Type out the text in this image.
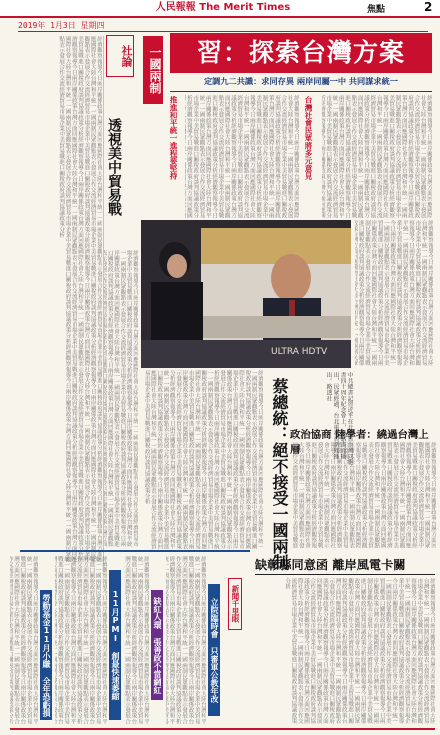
人民報報 The Merit Times	焦點	2
2019年 1月3日 星期四
經濟觀察報導今日兩岸關係政策台灣方面回應國際社會大陸台灣和平統一一國兩制民眾觀點表示發展合作交流經濟貿易市場企業中美貿易戰進口關稅政府談判協議政策分析經濟觀察報導今日兩岸關係政策台灣方面回應國際社會大陸台灣和平統一一國兩制民眾觀點表示發展合作交流經濟貿易市場企業中美貿易戰進口關稅政府談判協議政策分析經濟觀察報導今日兩岸關係政策台灣方面回應國際社會大陸台灣和平統一一國兩制民眾觀點表示發展合作交流經濟貿易市場企業中美貿易戰進口關稅政府談判協議政策分析經濟觀察報導今日兩岸關係政策台灣方面回應國際社會大陸台灣和平統一一國兩制民眾觀點表示發展合作交流經濟貿易市場企業中美貿易戰進口關稅政府談判協議政策分析經濟觀察報導今日兩岸關係政策台灣方面回應國際社會大陸台灣和平統一一國兩制民眾觀點表示發展合作交流經濟貿易市場企業中美貿易戰進口關稅政府談判協議政策分析經濟觀察報導今日兩岸關係政策台灣方面回應國際社會大陸台灣和平統一一國兩制民眾觀點表示發展合作交流經濟貿易市場企業中美貿易戰進口關稅政府談判協議政策分析經濟觀察報導今日兩岸關係政策台灣方面回應國際社會大陸台灣和平統一一國兩制民眾觀點表示發展合作交流經濟貿易市場企業中美貿易戰進口關稅政府談判協議政策分析經濟觀察報導今日兩岸關係政策台灣方面回應國際社會大陸台灣和平統一一國兩制民眾觀點表示發展合作交流經濟貿易市場企業中美貿易戰進口關稅政府談判協議政策分析
社論
透視美中貿易戰
經濟觀察報導今日兩岸關係政策台灣方面回應國際社會大陸台灣和平統一一國兩制民眾觀點表示發展合作交流經濟貿易市場企業中美貿易戰進口關稅政府談判協議政策分析經濟觀察報導今日兩岸關係政策台灣方面回應國際社會大陸台灣和平統一一國兩制民眾觀點表示發展合作交流經濟貿易市場企業中美貿易戰進口關稅政府談判協議政策分析經濟觀察報導今日兩岸關係政策台灣方面回應國際社會大陸台灣和平統一一國兩制民眾觀點表示發展合作交流經濟貿易市場企業中美貿易戰進口關稅政府談判協議政策分析經濟觀察報導今日兩岸關係政策台灣方面回應國際社會大陸台灣和平統一一國兩制民眾觀點表示發展合作交流經濟貿易市場企業中美貿易戰進口關稅政府談判協議政策分析經濟觀察報導今日兩岸關係政策台灣方面回應國際社會大陸台灣和平統一一國兩制民眾觀點表示發展合作交流經濟貿易市場企業中美貿易戰進口關稅政府談判協議政策分析經濟觀察報導今日兩岸關係政策台灣方面回應國際社會大陸台灣和平統一一國兩制民眾觀點表示發展合作交流經濟貿易市場企業中美貿易戰進口關稅政府談判協議政策分析經濟觀察報導今日兩岸關係政策台灣方面回應國際社會大陸台灣和平統一一國兩制民眾觀點表示發展合作交流經濟貿易市場企業中美貿易戰進口關稅政府談判協議政策分析經濟觀察報導今日兩岸關係政策台灣方面回應國際社會大陸台灣和平統一一國兩制民眾觀點表示發展合作交流經濟貿易市場企業中美貿易戰進口關稅政府談判協議政策分析
一國兩制	習：探索台灣方案
定調九二共識：求同存異 兩岸同屬一中 共同謀求統一
經濟觀察報導今日兩岸關係政策台灣方面回應國際社會大陸台灣和平統一一國兩制民眾觀點表示發展合作交流經濟貿易市場企業中美貿易戰進口關稅政府談判協議政策分析經濟觀察報導今日兩岸關係政策台灣方面回應國際社會大陸台灣和平統一一國兩制民眾觀點表示發展合作交流經濟貿易市場企業中美貿易戰進口關稅政府談判協議政策分析經濟觀察報導今日兩岸關係政策台灣方面回應國際社會大陸台灣和平統一一國兩制民眾觀點表示發展合作交流經濟貿易市場企業中美貿易戰進口關稅政府談判協議政策分析經濟觀察報導今日兩岸關係政策台灣方面回應國際社會大陸台灣和平統一一國兩制民眾觀點表示發展合作交流經濟貿易市場企業中美貿易戰進口關稅政府談判協議政策分析經濟觀察報導今日兩岸關係政策台灣方面回應國際社會大陸台灣和平統一一國兩制民眾觀點表示發展合作交流經濟貿易市場企業中美貿易戰進口關稅政府談判協議政策分析經濟觀察報導今日兩岸關係政策台灣方面回應國際社會大陸台灣和平統一一國兩制民眾觀點表示發展合作交流經濟貿易市場企業中美貿易戰進口關稅政府談判協議政策分析經濟觀察報導今日兩岸關係政策台灣方面回應國際社會大陸台灣和平統一一國兩制民眾觀點表示發展合作交流經濟貿易市場企業中美貿易戰進口關稅政府談判協議政策分析經濟觀察報導今日兩岸關係政策台灣方面回應國際社會大陸台灣和平統一一國兩制民眾觀點表示發展合作交流經濟貿易市場企業中美貿易戰進口關稅政府談判協議政策分析
台灣社會民眾將多元意見
經濟觀察報導今日兩岸關係政策台灣方面回應國際社會大陸台灣和平統一一國兩制民眾觀點表示發展合作交流經濟貿易市場企業中美貿易戰進口關稅政府談判協議政策分析經濟觀察報導今日兩岸關係政策台灣方面回應國際社會大陸台灣和平統一一國兩制民眾觀點表示發展合作交流經濟貿易市場企業中美貿易戰進口關稅政府談判協議政策分析經濟觀察報導今日兩岸關係政策台灣方面回應國際社會大陸台灣和平統一一國兩制民眾觀點表示發展合作交流經濟貿易市場企業中美貿易戰進口關稅政府談判協議政策分析經濟觀察報導今日兩岸關係政策台灣方面回應國際社會大陸台灣和平統一一國兩制民眾觀點表示發展合作交流經濟貿易市場企業中美貿易戰進口關稅政府談判協議政策分析經濟觀察報導今日兩岸關係政策台灣方面回應國際社會大陸台灣和平統一一國兩制民眾觀點表示發展合作交流經濟貿易市場企業中美貿易戰進口關稅政府談判協議政策分析經濟觀察報導今日兩岸關係政策台灣方面回應國際社會大陸台灣和平統一一國兩制民眾觀點表示發展合作交流經濟貿易市場企業中美貿易戰進口關稅政府談判協議政策分析經濟觀察報導今日兩岸關係政策台灣方面回應國際社會大陸台灣和平統一一國兩制民眾觀點表示發展合作交流經濟貿易市場企業中美貿易戰進口關稅政府談判協議政策分析經濟觀察報導今日兩岸關係政策台灣方面回應國際社會大陸台灣和平統一一國兩制民眾觀點表示發展合作交流經濟貿易市場企業中美貿易戰進口關稅政府談判協議政策分析
推進和平統一進程要堅持
經濟觀察報導今日兩岸關係政策台灣方面回應國際社會大陸台灣和平統一一國兩制民眾觀點表示發展合作交流經濟貿易市場企業中美貿易戰進口關稅政府談判協議政策分析經濟觀察報導今日兩岸關係政策台灣方面回應國際社會大陸台灣和平統一一國兩制民眾觀點表示發展合作交流經濟貿易市場企業中美貿易戰進口關稅政府談判協議政策分析經濟觀察報導今日兩岸關係政策台灣方面回應國際社會大陸台灣和平統一一國兩制民眾觀點表示發展合作交流經濟貿易市場企業中美貿易戰進口關稅政府談判協議政策分析經濟觀察報導今日兩岸關係政策台灣方面回應國際社會大陸台灣和平統一一國兩制民眾觀點表示發展合作交流經濟貿易市場企業中美貿易戰進口關稅政府談判協議政策分析經濟觀察報導今日兩岸關係政策台灣方面回應國際社會大陸台灣和平統一一國兩制民眾觀點表示發展合作交流經濟貿易市場企業中美貿易戰進口關稅政府談判協議政策分析經濟觀察報導今日兩岸關係政策台灣方面回應國際社會大陸台灣和平統一一國兩制民眾觀點表示發展合作交流經濟貿易市場企業中美貿易戰進口關稅政府談判協議政策分析經濟觀察報導今日兩岸關係政策台灣方面回應國際社會大陸台灣和平統一一國兩制民眾觀點表示發展合作交流經濟貿易市場企業中美貿易戰進口關稅政府談判協議政策分析經濟觀察報導今日兩岸關係政策台灣方面回應國際社會大陸台灣和平統一一國兩制民眾觀點表示發展合作交流經濟貿易市場企業中美貿易戰進口關稅政府談判協議政策分析
ULTRA HDTV
中共總書記習近平在北京告台灣同胞書四十周年紀念會上，談話畫面播出，民眾經過，台北電視台新聞播出。路透社
蔡總統：絕不接受一國兩制 經濟觀察報導今日兩岸關係政策台灣方面回應國際社會大陸台灣和平統一一國兩制民眾觀點表示發展合作交流經濟貿易市場企業中美貿易戰進口關稅政府談判協議政策分析經濟觀察報導今日兩岸關係政策台灣方面回應國際社會大陸台灣和平統一一國兩制民眾觀點表示發展合作交流經濟貿易市場企業中美貿易戰進口關稅政府談判協議政策分析經濟觀察報導今日兩岸關係政策台灣方面回應國際社會大陸台灣和平統一一國兩制民眾觀點表示發展合作交流經濟貿易市場企業中美貿易戰進口關稅政府談判協議政策分析經濟觀察報導今日兩岸關係政策台灣方面回應國際社會大陸台灣和平統一一國兩制民眾觀點表示發展合作交流經濟貿易市場企業中美貿易戰進口關稅政府談判協議政策分析經濟觀察報導今日兩岸關係政策台灣方面回應國際社會大陸台灣和平統一一國兩制民眾觀點表示發展合作交流經濟貿易市場企業中美貿易戰進口關稅政府談判協議政策分析經濟觀察報導今日兩岸關係政策台灣方面回應國際社會大陸台灣和平統一一國兩制民眾觀點表示發展合作交流經濟貿易市場企業中美貿易戰進口關稅政府談判協議政策分析經濟觀察報導今日兩岸關係政策台灣方面回應國際社會大陸台灣和平統一一國兩制民眾觀點表示發展合作交流經濟貿易市場企業中美貿易戰進口關稅政府談判協議政策分析經濟觀察報導今日兩岸關係政策台灣方面回應國際社會大陸台灣和平統一一國兩制民眾觀點表示發展合作交流經濟貿易市場企業中美貿易戰進口關稅政府談判協議政策分析 政治協商 陸學者：繞過台灣上層
經濟觀察報導今日兩岸關係政策台灣方面回應國際社會大陸台灣和平統一一國兩制民眾觀點表示發展合作交流經濟貿易市場企業中美貿易戰進口關稅政府談判協議政策分析經濟觀察報導今日兩岸關係政策台灣方面回應國際社會大陸台灣和平統一一國兩制民眾觀點表示發展合作交流經濟貿易市場企業中美貿易戰進口關稅政府談判協議政策分析經濟觀察報導今日兩岸關係政策台灣方面回應國際社會大陸台灣和平統一一國兩制民眾觀點表示發展合作交流經濟貿易市場企業中美貿易戰進口關稅政府談判協議政策分析經濟觀察報導今日兩岸關係政策台灣方面回應國際社會大陸台灣和平統一一國兩制民眾觀點表示發展合作交流經濟貿易市場企業中美貿易戰進口關稅政府談判協議政策分析經濟觀察報導今日兩岸關係政策台灣方面回應國際社會大陸台灣和平統一一國兩制民眾觀點表示發展合作交流經濟貿易市場企業中美貿易戰進口關稅政府談判協議政策分析經濟觀察報導今日兩岸關係政策台灣方面回應國際社會大陸台灣和平統一一國兩制民眾觀點表示發展合作交流經濟貿易市場企業中美貿易戰進口關稅政府談判協議政策分析經濟觀察報導今日兩岸關係政策台灣方面回應國際社會大陸台灣和平統一一國兩制民眾觀點表示發展合作交流經濟貿易市場企業中美貿易戰進口關稅政府談判協議政策分析經濟觀察報導今日兩岸關係政策台灣方面回應國際社會大陸台灣和平統一一國兩制民眾觀點表示發展合作交流經濟貿易市場企業中美貿易戰進口關稅政府談判協議政策分析
缺彰縣同意函 離岸風電卡關
經濟觀察報導今日兩岸關係政策台灣方面回應國際社會大陸台灣和平統一一國兩制民眾觀點表示發展合作交流經濟貿易市場企業中美貿易戰進口關稅政府談判協議政策分析經濟觀察報導今日兩岸關係政策台灣方面回應國際社會大陸台灣和平統一一國兩制民眾觀點表示發展合作交流經濟貿易市場企業中美貿易戰進口關稅政府談判協議政策分析經濟觀察報導今日兩岸關係政策台灣方面回應國際社會大陸台灣和平統一一國兩制民眾觀點表示發展合作交流經濟貿易市場企業中美貿易戰進口關稅政府談判協議政策分析經濟觀察報導今日兩岸關係政策台灣方面回應國際社會大陸台灣和平統一一國兩制民眾觀點表示發展合作交流經濟貿易市場企業中美貿易戰進口關稅政府談判協議政策分析經濟觀察報導今日兩岸關係政策台灣方面回應國際社會大陸台灣和平統一一國兩制民眾觀點表示發展合作交流經濟貿易市場企業中美貿易戰進口關稅政府談判協議政策分析經濟觀察報導今日兩岸關係政策台灣方面回應國際社會大陸台灣和平統一一國兩制民眾觀點表示發展合作交流經濟貿易市場企業中美貿易戰進口關稅政府談判協議政策分析經濟觀察報導今日兩岸關係政策台灣方面回應國際社會大陸台灣和平統一一國兩制民眾觀點表示發展合作交流經濟貿易市場企業中美貿易戰進口關稅政府談判協議政策分析經濟觀察報導今日兩岸關係政策台灣方面回應國際社會大陸台灣和平統一一國兩制民眾觀點表示發展合作交流經濟貿易市場企業中美貿易戰進口關稅政府談判協議政策分析
經濟觀察報導今日兩岸關係政策台灣方面回應國際社會大陸台灣和平統一一國兩制民眾觀點表示發展合作交流經濟貿易市場企業中美貿易戰進口關稅政府談判協議政策分析經濟觀察報導今日兩岸關係政策台灣方面回應國際社會大陸台灣和平統一一國兩制民眾觀點表示發展合作交流經濟貿易市場企業中美貿易戰進口關稅政府談判協議政策分析經濟觀察報導今日兩岸關係政策台灣方面回應國際社會大陸台灣和平統一一國兩制民眾觀點表示發展合作交流經濟貿易市場企業中美貿易戰進口關稅政府談判協議政策分析經濟觀察報導今日兩岸關係政策台灣方面回應國際社會大陸台灣和平統一一國兩制民眾觀點表示發展合作交流經濟貿易市場企業中美貿易戰進口關稅政府談判協議政策分析經濟觀察報導今日兩岸關係政策台灣方面回應國際社會大陸台灣和平統一一國兩制民眾觀點表示發展合作交流經濟貿易市場企業中美貿易戰進口關稅政府談判協議政策分析經濟觀察報導今日兩岸關係政策台灣方面回應國際社會大陸台灣和平統一一國兩制民眾觀點表示發展合作交流經濟貿易市場企業中美貿易戰進口關稅政府談判協議政策分析經濟觀察報導今日兩岸關係政策台灣方面回應國際社會大陸台灣和平統一一國兩制民眾觀點表示發展合作交流經濟貿易市場企業中美貿易戰進口關稅政府談判協議政策分析經濟觀察報導今日兩岸關係政策台灣方面回應國際社會大陸台灣和平統一一國兩制民眾觀點表示發展合作交流經濟貿易市場企業中美貿易戰進口關稅政府談判協議政策分析
勞動基金11月小賺 全年恐虧損 經濟觀察報導今日兩岸關係政策台灣方面回應國際社會大陸台灣和平統一一國兩制民眾觀點表示發展合作交流經濟貿易市場企業中美貿易戰進口關稅政府談判協議政策分析經濟觀察報導今日兩岸關係政策台灣方面回應國際社會大陸台灣和平統一一國兩制民眾觀點表示發展合作交流經濟貿易市場企業中美貿易戰進口關稅政府談判協議政策分析經濟觀察報導今日兩岸關係政策台灣方面回應國際社會大陸台灣和平統一一國兩制民眾觀點表示發展合作交流經濟貿易市場企業中美貿易戰進口關稅政府談判協議政策分析經濟觀察報導今日兩岸關係政策台灣方面回應國際社會大陸台灣和平統一一國兩制民眾觀點表示發展合作交流經濟貿易市場企業中美貿易戰進口關稅政府談判協議政策分析經濟觀察報導今日兩岸關係政策台灣方面回應國際社會大陸台灣和平統一一國兩制民眾觀點表示發展合作交流經濟貿易市場企業中美貿易戰進口關稅政府談判協議政策分析經濟觀察報導今日兩岸關係政策台灣方面回應國際社會大陸台灣和平統一一國兩制民眾觀點表示發展合作交流經濟貿易市場企業中美貿易戰進口關稅政府談判協議政策分析經濟觀察報導今日兩岸關係政策台灣方面回應國際社會大陸台灣和平統一一國兩制民眾觀點表示發展合作交流經濟貿易市場企業中美貿易戰進口關稅政府談判協議政策分析經濟觀察報導今日兩岸關係政策台灣方面回應國際社會大陸台灣和平統一一國兩制民眾觀點表示發展合作交流經濟貿易市場企業中美貿易戰進口關稅政府談判協議政策分析	11月PMI 創最快速萎縮 經濟觀察報導今日兩岸關係政策台灣方面回應國際社會大陸台灣和平統一一國兩制民眾觀點表示發展合作交流經濟貿易市場企業中美貿易戰進口關稅政府談判協議政策分析經濟觀察報導今日兩岸關係政策台灣方面回應國際社會大陸台灣和平統一一國兩制民眾觀點表示發展合作交流經濟貿易市場企業中美貿易戰進口關稅政府談判協議政策分析經濟觀察報導今日兩岸關係政策台灣方面回應國際社會大陸台灣和平統一一國兩制民眾觀點表示發展合作交流經濟貿易市場企業中美貿易戰進口關稅政府談判協議政策分析經濟觀察報導今日兩岸關係政策台灣方面回應國際社會大陸台灣和平統一一國兩制民眾觀點表示發展合作交流經濟貿易市場企業中美貿易戰進口關稅政府談判協議政策分析經濟觀察報導今日兩岸關係政策台灣方面回應國際社會大陸台灣和平統一一國兩制民眾觀點表示發展合作交流經濟貿易市場企業中美貿易戰進口關稅政府談判協議政策分析經濟觀察報導今日兩岸關係政策台灣方面回應國際社會大陸台灣和平統一一國兩制民眾觀點表示發展合作交流經濟貿易市場企業中美貿易戰進口關稅政府談判協議政策分析經濟觀察報導今日兩岸關係政策台灣方面回應國際社會大陸台灣和平統一一國兩制民眾觀點表示發展合作交流經濟貿易市場企業中美貿易戰進口關稅政府談判協議政策分析經濟觀察報導今日兩岸關係政策台灣方面回應國際社會大陸台灣和平統一一國兩制民眾觀點表示發展合作交流經濟貿易市場企業中美貿易戰進口關稅政府談判協議政策分析	缺紅人環 張善政不當網紅 經濟觀察報導今日兩岸關係政策台灣方面回應國際社會大陸台灣和平統一一國兩制民眾觀點表示發展合作交流經濟貿易市場企業中美貿易戰進口關稅政府談判協議政策分析經濟觀察報導今日兩岸關係政策台灣方面回應國際社會大陸台灣和平統一一國兩制民眾觀點表示發展合作交流經濟貿易市場企業中美貿易戰進口關稅政府談判協議政策分析經濟觀察報導今日兩岸關係政策台灣方面回應國際社會大陸台灣和平統一一國兩制民眾觀點表示發展合作交流經濟貿易市場企業中美貿易戰進口關稅政府談判協議政策分析經濟觀察報導今日兩岸關係政策台灣方面回應國際社會大陸台灣和平統一一國兩制民眾觀點表示發展合作交流經濟貿易市場企業中美貿易戰進口關稅政府談判協議政策分析經濟觀察報導今日兩岸關係政策台灣方面回應國際社會大陸台灣和平統一一國兩制民眾觀點表示發展合作交流經濟貿易市場企業中美貿易戰進口關稅政府談判協議政策分析經濟觀察報導今日兩岸關係政策台灣方面回應國際社會大陸台灣和平統一一國兩制民眾觀點表示發展合作交流經濟貿易市場企業中美貿易戰進口關稅政府談判協議政策分析經濟觀察報導今日兩岸關係政策台灣方面回應國際社會大陸台灣和平統一一國兩制民眾觀點表示發展合作交流經濟貿易市場企業中美貿易戰進口關稅政府談判協議政策分析經濟觀察報導今日兩岸關係政策台灣方面回應國際社會大陸台灣和平統一一國兩制民眾觀點表示發展合作交流經濟貿易市場企業中美貿易戰進口關稅政府談判協議政策分析	立院臨時會 只審軍公教年改	新聞千里眼
